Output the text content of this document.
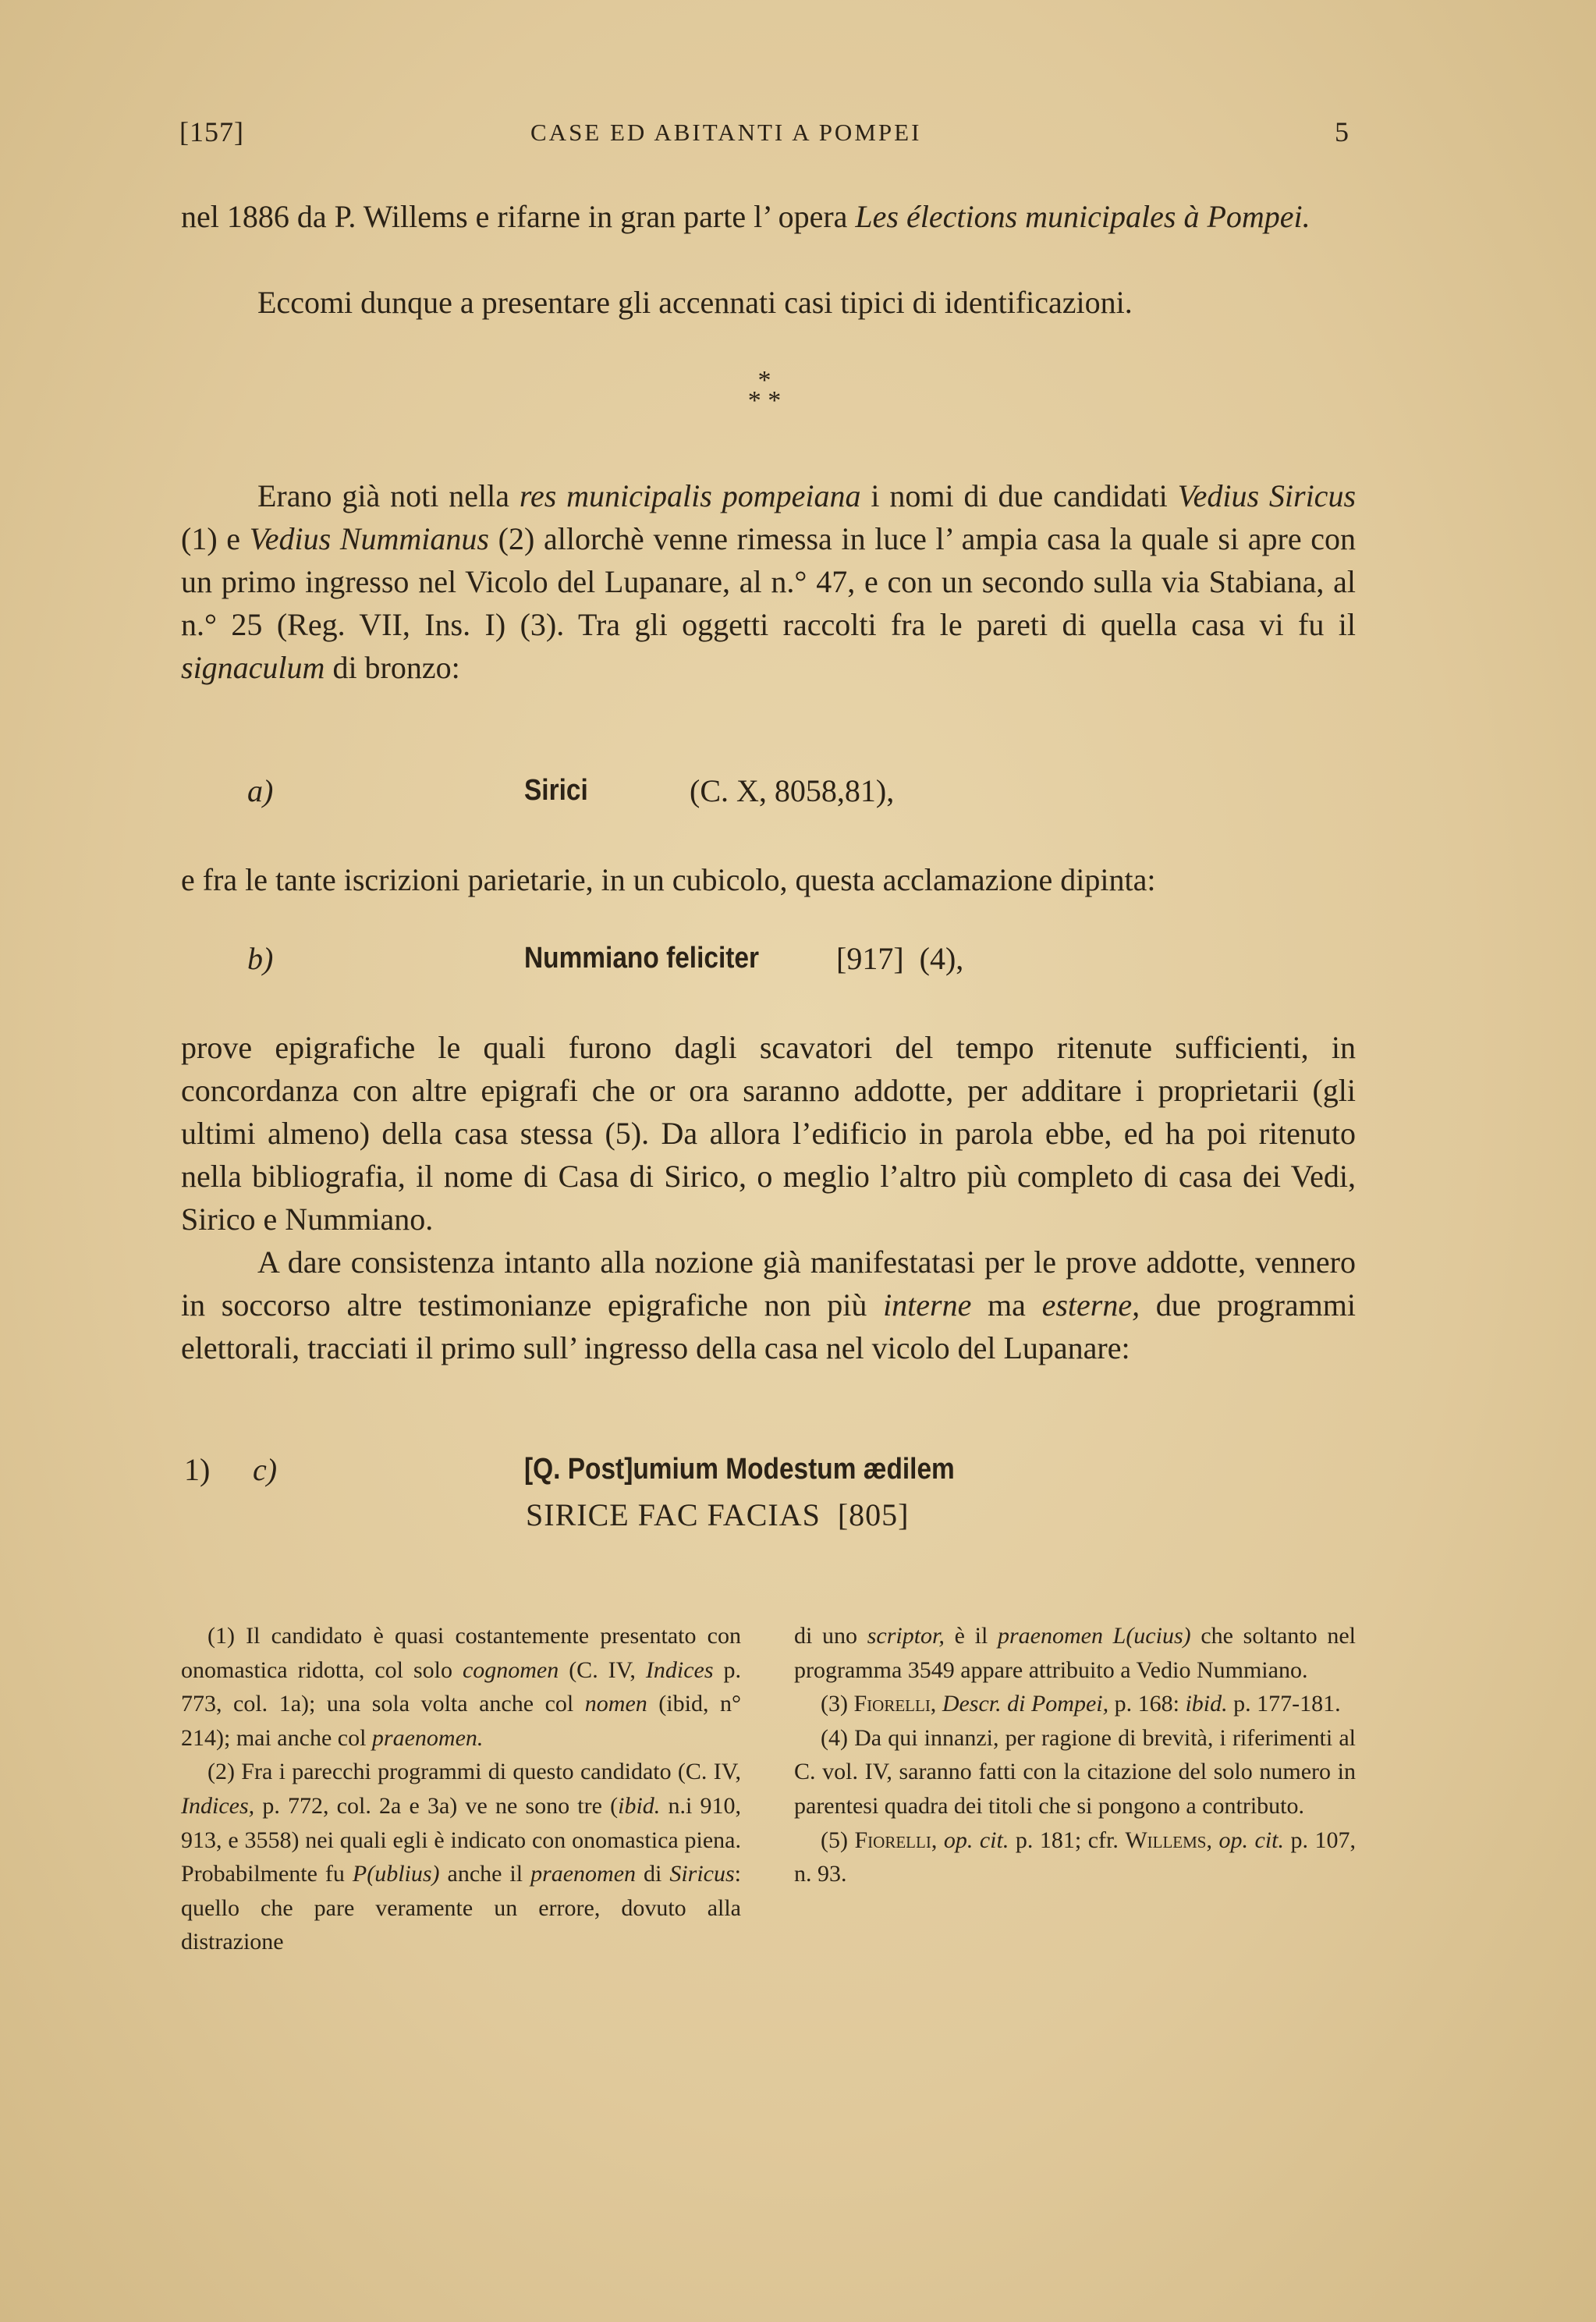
[157]	CASE ED ABITANTI A POMPEI	5
nel 1886 da P. Willems e rifarne in gran parte l’ opera Les élections municipales à Pompei.
Eccomi dunque a presentare gli accennati casi tipici di identificazioni.
*
* *
Erano già noti nella res municipalis pompeiana i nomi di due candidati Vedius Siricus (1) e Vedius Nummianus (2) allorchè venne rimessa in luce l’ ampia casa la quale si apre con un primo ingresso nel Vicolo del Lupanare, al n.° 47, e con un secondo sulla via Stabiana, al n.° 25 (Reg. VII, Ins. I) (3). Tra gli oggetti raccolti fra le pareti di quella casa vi fu il signaculum di bronzo:
a)	Sirici	(C. X, 8058,81),
e fra le tante iscrizioni parietarie, in un cubicolo, questa acclamazione dipinta:
b)	Nummiano feliciter [917]  (4),
prove epigrafiche le quali furono dagli scavatori del tempo ritenute sufficienti, in concordanza con altre epigrafi che or ora saranno addotte, per additare i proprietarii (gli ultimi almeno) della casa stessa (5). Da allora l’edificio in parola ebbe, ed ha poi ritenuto nella bibliografia, il nome di Casa di Sirico, o meglio l’altro più completo di casa dei Vedi, Sirico e Nummiano.
A dare consistenza intanto alla nozione già manifestatasi per le prove addotte, vennero in soccorso altre testimonianze epigrafiche non più interne ma esterne, due programmi elettorali, tracciati il primo sull’ ingresso della casa nel vicolo del Lupanare:
1) c)	[Q. Post]umium Modestum ædilem
SIRICE FAC FACIAS  [805]

(1) Il candidato è quasi costantemente presentato con onomastica ridotta, col solo cognomen (C. IV, Indices p. 773, col. 1a); una sola volta anche col nomen (ibid, n° 214); mai anche col praenomen.

(2) Fra i parecchi programmi di questo candidato (C. IV, Indices, p. 772, col. 2a e 3a) ve ne sono tre (ibid. n.i 910, 913, e 3558) nei quali egli è indicato con onomastica piena. Probabilmente fu P(ublius) anche il praenomen di Siricus: quello che pare veramente un errore, dovuto alla distrazione

di uno scriptor, è il praenomen L(ucius) che soltanto nel programma 3549 appare attribuito a Vedio Nummiano.

(3) Fiorelli, Descr. di Pompei, p. 168: ibid. p. 177-181.

(4) Da qui innanzi, per ragione di brevità, i riferimenti al C. vol. IV, saranno fatti con la citazione del solo numero in parentesi quadra dei titoli che si pongono a contributo.

(5) Fiorelli, op. cit. p. 181; cfr. Willems, op. cit. p. 107, n. 93.
